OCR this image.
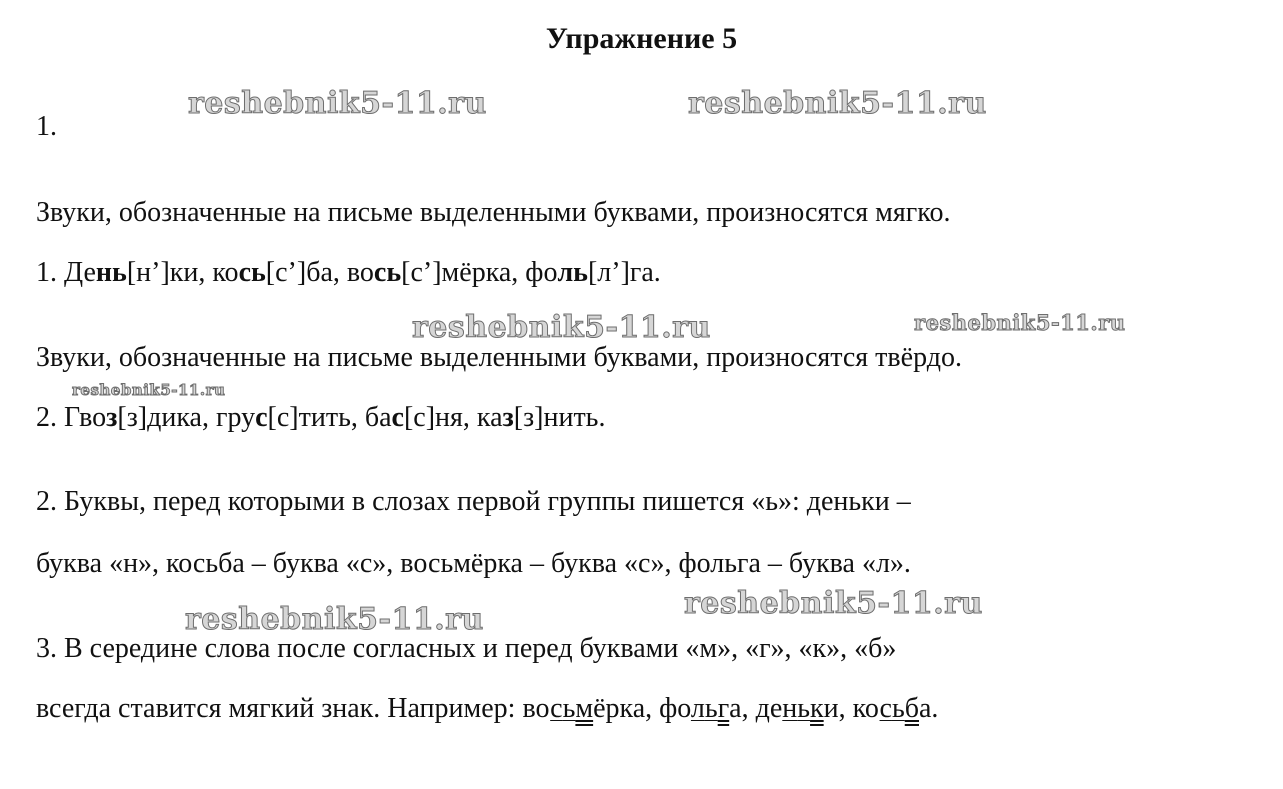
Упражнение 5
reshebnik5-11.ru	reshebnik5-11.ru
reshebnik5-11.ru	reshebnik5-11.ru
reshebnik5-11.ru
reshebnik5-11.ru	reshebnik5-11.ru
1.
Звуки, обозначенные на письме выделенными буквами, произносятся мягко.
1. День[н’]ки, кось[с’]ба, вось[с’]мёрка, фоль[л’]га.
Звуки, обозначенные на письме выделенными буквами, произносятся твёрдо.
2. Гвоз[з]дика, грус[с]тить, бас[с]ня, каз[з]нить.
2. Буквы, перед которыми в слозах первой группы пишется «ь»: деньки –
буква «н», косьба – буква «с», восьмёрка – буква «с», фольга – буква «л».
3. В середине слова после согласных и перед буквами «м», «г», «к», «б»
всегда ставится мягкий знак. Например: восьмёрка, фольга, деньки, косьба.
